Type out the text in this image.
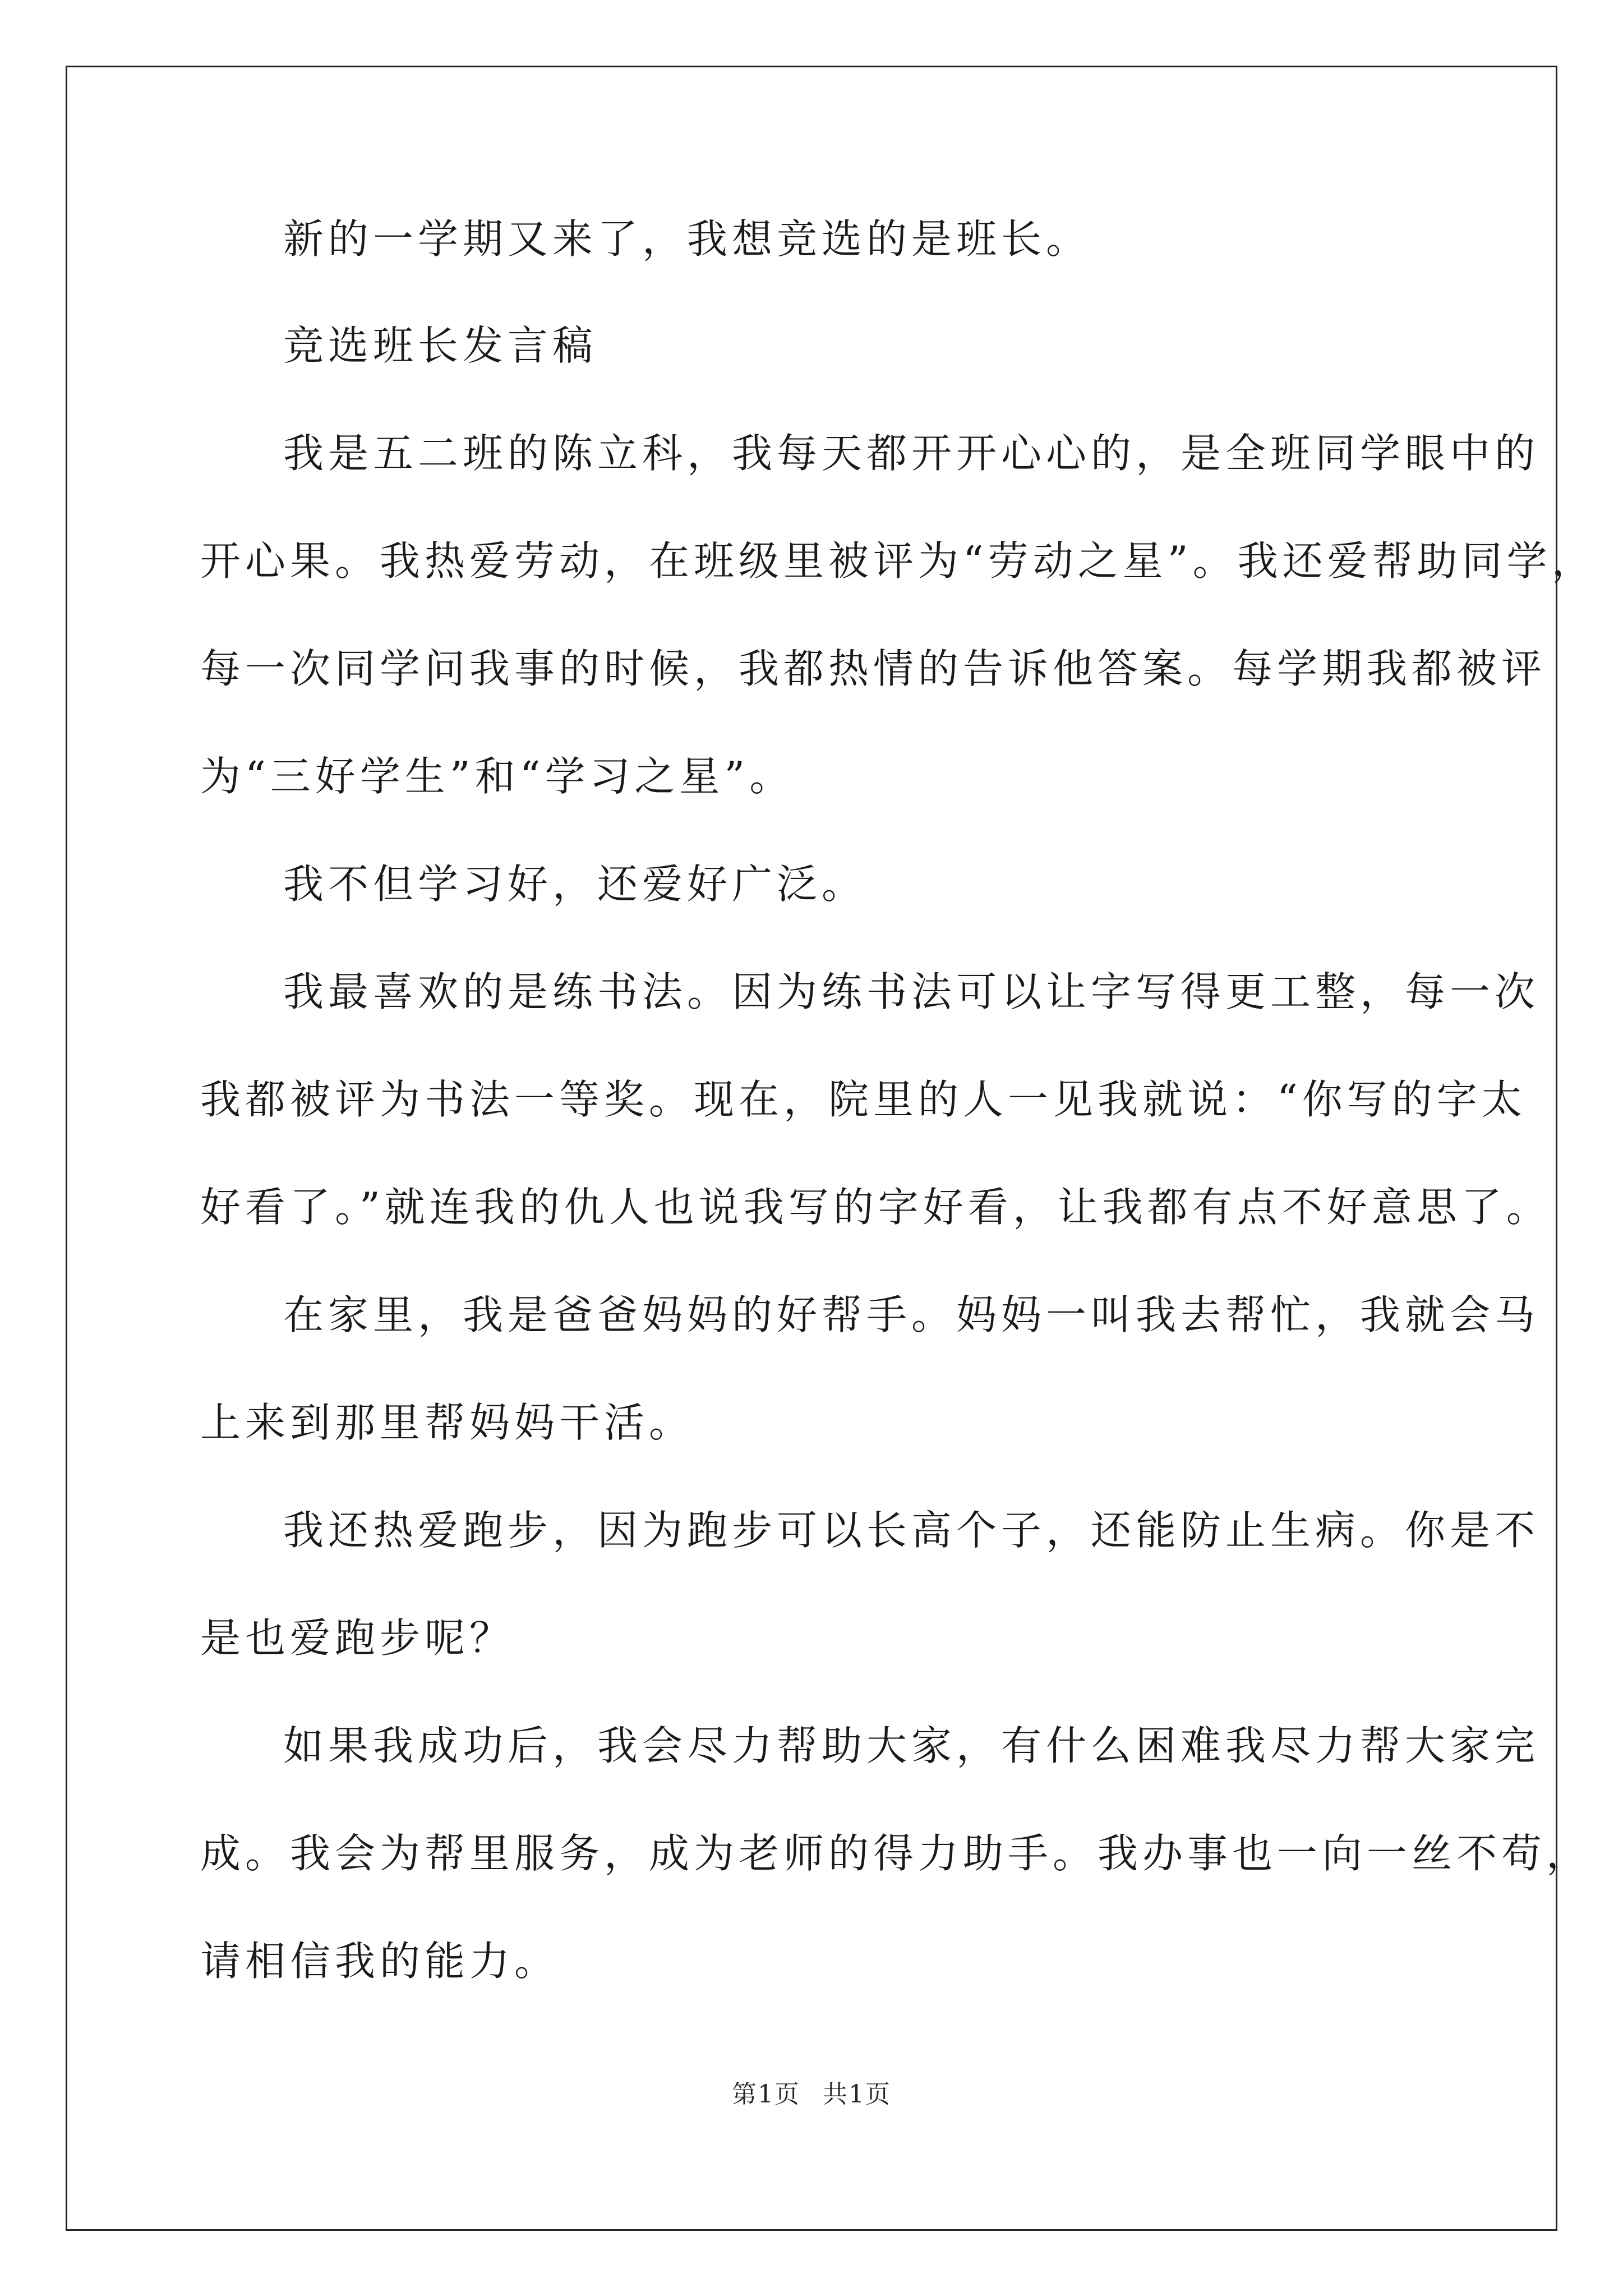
新的一学期又来了，我想竞选的是班长。
竞选班长发言稿
我是五二班的陈立科，我每天都开开心心的，是全班同学眼中的
开心果。我热爱劳动，在班级里被评为“劳动之星”。我还爱帮助同学，
每一次同学问我事的时候，我都热情的告诉他答案。每学期我都被评
为“三好学生”和“学习之星”。
我不但学习好，还爱好广泛。
我最喜欢的是练书法。因为练书法可以让字写得更工整，每一次
我都被评为书法一等奖。现在，院里的人一见我就说：“你写的字太
好看了。”就连我的仇人也说我写的字好看，让我都有点不好意思了。
在家里，我是爸爸妈妈的好帮手。妈妈一叫我去帮忙，我就会马
上来到那里帮妈妈干活。
我还热爱跑步，因为跑步可以长高个子，还能防止生病。你是不
是也爱跑步呢？
如果我成功后，我会尽力帮助大家，有什么困难我尽力帮大家完
成。我会为帮里服务，成为老师的得力助手。我办事也一向一丝不苟，
请相信我的能力。
第1页 共1页
